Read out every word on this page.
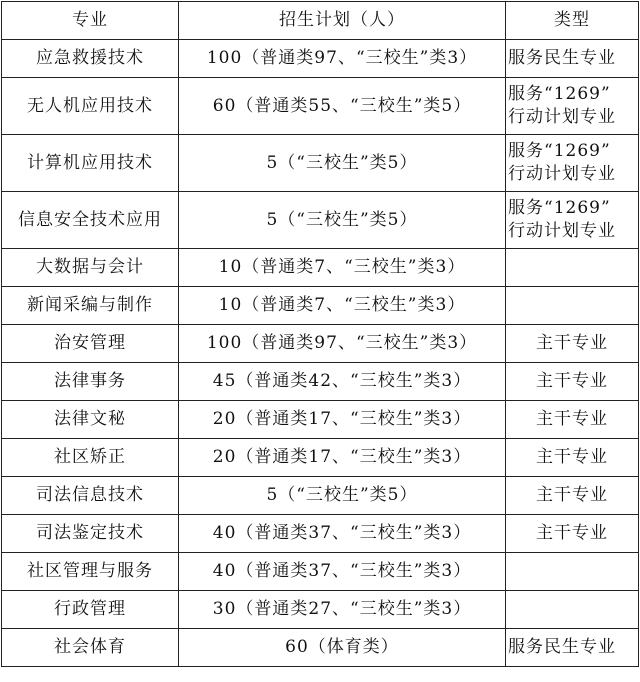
专业	招生计划（人）	类型
应急救援技术	100（普通类97、“三校生”类3）	服务民生专业

无人机应用技术	60（普通类55、“三校生”类5）	服务“1269”
行动计划专业

计算机应用技术	5（“三校生”类5）	服务“1269”
行动计划专业

信息安全技术应用	5（“三校生”类5）	服务“1269”
行动计划专业

大数据与会计	10（普通类7、“三校生”类3）	
新闻采编与制作	10（普通类7、“三校生”类3）	
治安管理	100（普通类97、“三校生”类3）	主干专业

法律事务	45（普通类42、“三校生”类3）	主干专业

法律文秘	20（普通类17、“三校生”类3）	主干专业

社区矫正	20（普通类17、“三校生”类3）	主干专业

司法信息技术	5（“三校生”类5）	主干专业

司法鉴定技术	40（普通类37、“三校生”类3）	主干专业

社区管理与服务	40（普通类37、“三校生”类3）	
行政管理	30（普通类27、“三校生”类3）	
社会体育	60（体育类）	服务民生专业
